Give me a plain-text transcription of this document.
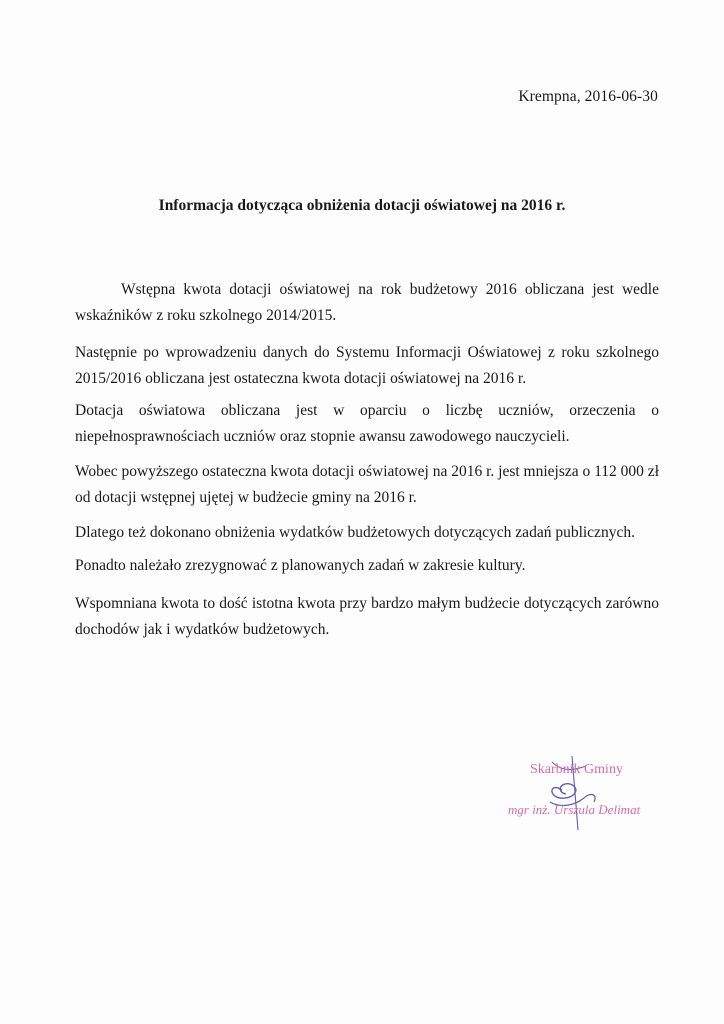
Krempna, 2016-06-30
Informacja dotycząca obniżenia dotacji oświatowej na 2016 r.

Wstępna kwota dotacji oświatowej na rok budżetowy 2016 obliczana jest wedle wskaźników z roku szkolnego 2014/2015.

Następnie po wprowadzeniu danych do Systemu Informacji Oświatowej z roku szkolnego 2015/2016 obliczana jest ostateczna kwota dotacji oświatowej na 2016 r.

Dotacja oświatowa obliczana jest w oparciu o liczbę uczniów, orzeczenia o niepełnosprawnościach uczniów oraz stopnie awansu zawodowego nauczycieli.

Wobec powyższego ostateczna kwota dotacji oświatowej na 2016 r. jest mniejsza o 112 000 zł od dotacji wstępnej ujętej w budżecie gminy na 2016 r.

Dlatego też dokonano obniżenia wydatków budżetowych dotyczących zadań publicznych.

Ponadto należało zrezygnować z planowanych zadań w zakresie kultury.

Wspomniana kwota to dość istotna kwota przy bardzo małym budżecie dotyczących zarówno dochodów jak i wydatków budżetowych.

Skarbnik Gminy
mgr inż. Urszula Delimat
